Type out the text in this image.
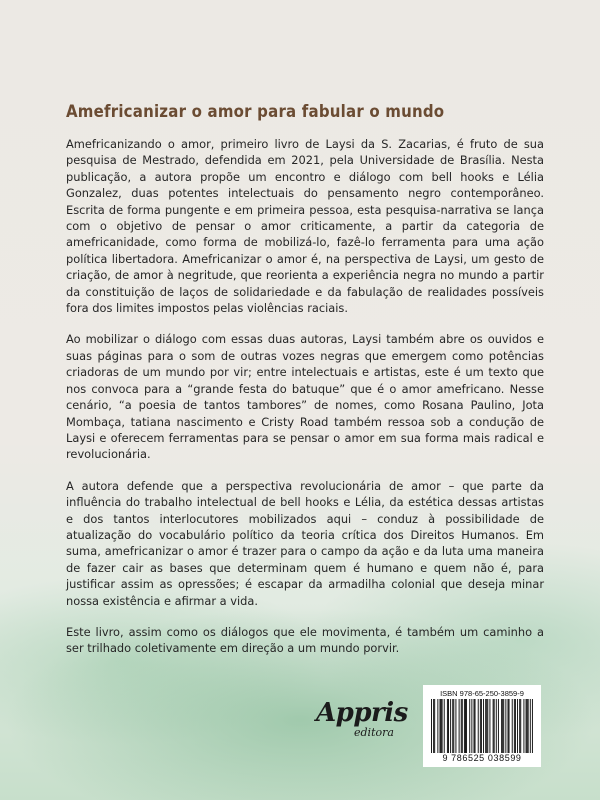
Amefricanizar o amor para fabular o mundo

Amefricanizando o amor, primeiro livro de Laysi da S. Zacarias, é fruto de sua pesquisa de Mestrado, defendida em 2021, pela Universidade de Brasília. Nesta publicação, a autora propõe um encontro e diálogo com bell hooks e Lélia Gonzalez, duas potentes intelectuais do pensamento negro contemporâneo. Escrita de forma pungente e em primeira pessoa, esta pesquisa-narrativa se lança com o objetivo de pensar o amor criticamente, a partir da categoria de amefricanidade, como forma de mobilizá-lo, fazê-lo ferramenta para uma ação política libertadora. Amefricanizar o amor é, na perspectiva de Laysi, um gesto de criação, de amor à negritude, que reorienta a experiência negra no mundo a partir da constituição de laços de solidariedade e da fabulação de realidades possíveis fora dos limites impostos pelas violências raciais.

Ao mobilizar o diálogo com essas duas autoras, Laysi também abre os ouvidos e suas páginas para o som de outras vozes negras que emergem como potências criadoras de um mundo por vir; entre intelectuais e artistas, este é um texto que nos convoca para a “grande festa do batuque” que é o amor amefricano. Nesse cenário, “a poesia de tantos tambores” de nomes, como Rosana Paulino, Jota Mombaça, tatiana nascimento e Cristy Road também ressoa sob a condução de Laysi e oferecem ferramentas para se pensar o amor em sua forma mais radical e revolucionária.

A autora defende que a perspectiva revolucionária de amor – que parte da influência do trabalho intelectual de bell hooks e Lélia, da estética dessas artistas e dos tantos interlocutores mobilizados aqui – conduz à possibilidade de atualização do vocabulário político da teoria crítica dos Direitos Humanos. Em suma, amefricanizar o amor é trazer para o campo da ação e da luta uma maneira de fazer cair as bases que determinam quem é humano e quem não é, para justificar assim as opressões; é escapar da armadilha colonial que deseja minar nossa existência e afirmar a vida.

Este livro, assim como os diálogos que ele movimenta, é também um caminho a ser trilhado coletivamente em direção a um mundo porvir.

Appris
editora
ISBN 978-65-250-3859-9
9 786525 038599
